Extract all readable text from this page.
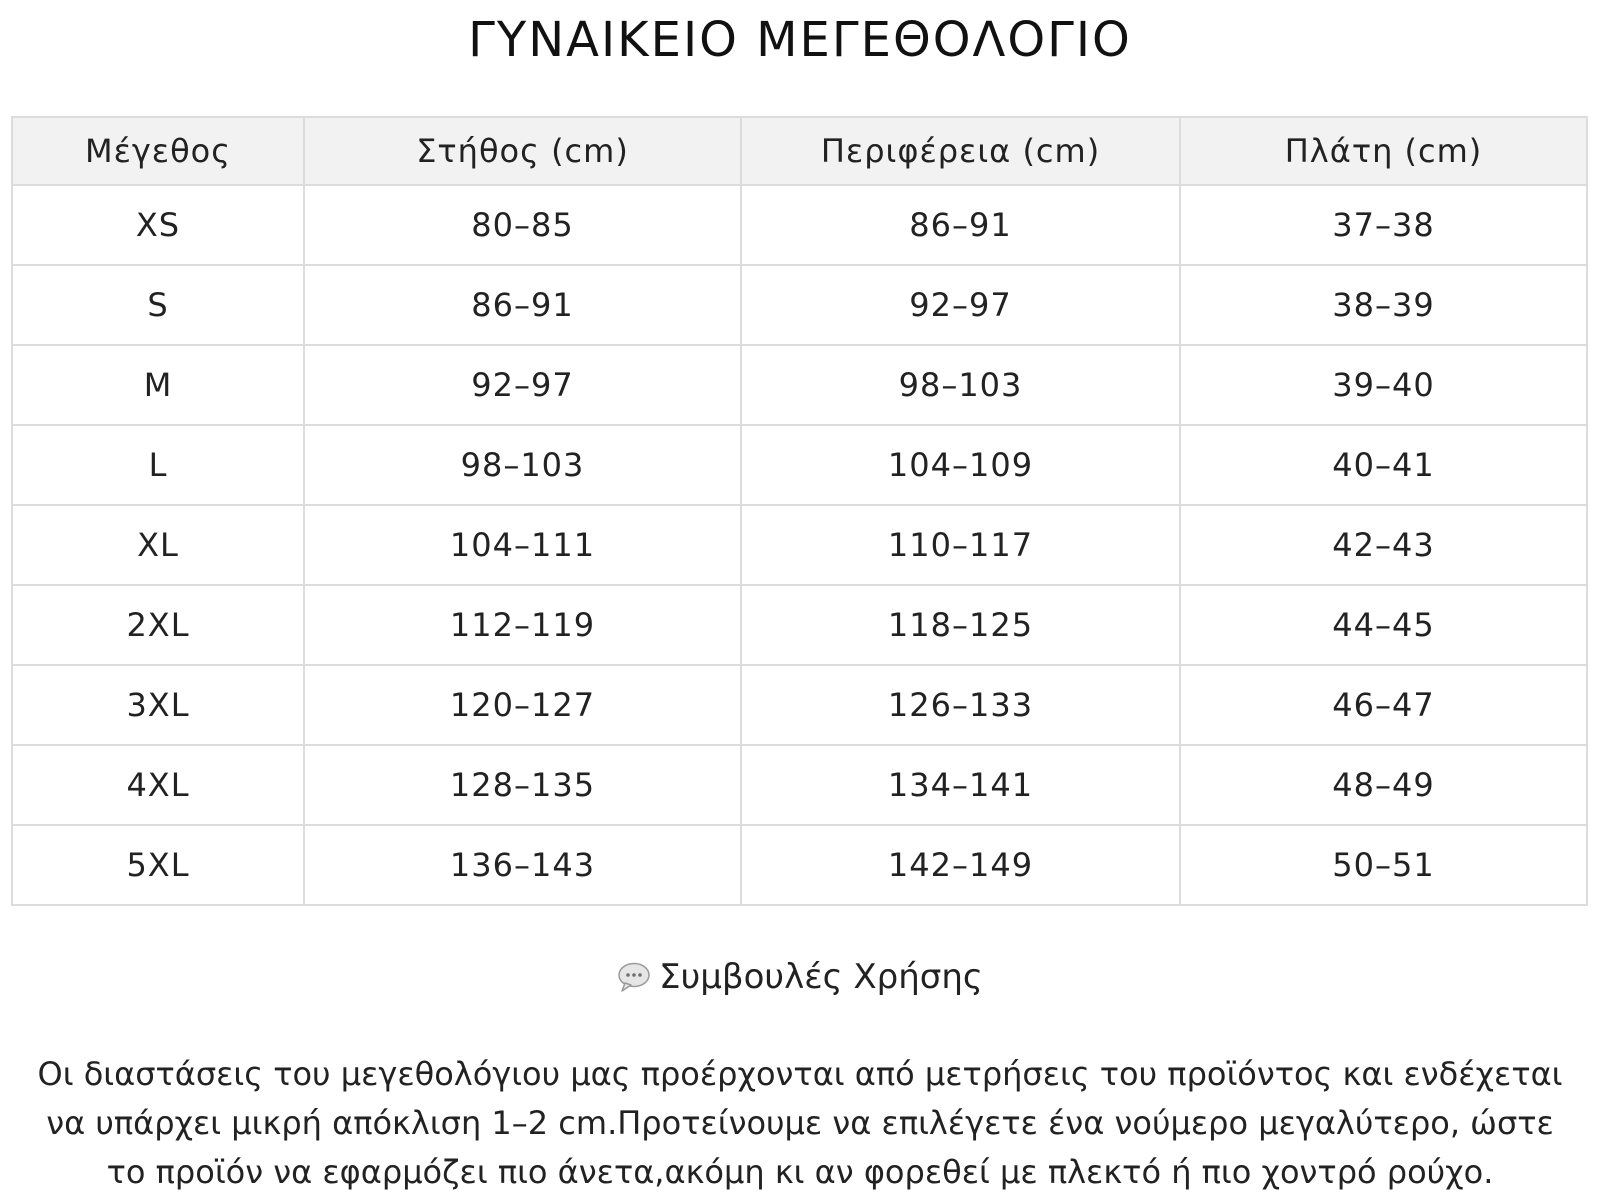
ΓΥΝΑΙΚΕΙΟ ΜΕΓΕΘΟΛΟΓΙΟ
Μέγεθος	Στήθος (cm)	Περιφέρεια (cm)	Πλάτη (cm)
XS	80–85	86–91	37–38
S	86–91	92–97	38–39
M	92–97	98–103	39–40
L	98–103	104–109	40–41
XL	104–111	110–117	42–43
2XL	112–119	118–125	44–45
3XL	120–127	126–133	46–47
4XL	128–135	134–141	48–49
5XL	136–143	142–149	50–51
Συμβουλές Χρήσης
Οι διαστάσεις του μεγεθολόγιου μας προέρχονται από μετρήσεις του προϊόντος και ενδέχεται
να υπάρχει μικρή απόκλιση 1–2 cm.Προτείνουμε να επιλέγετε ένα νούμερο μεγαλύτερο, ώστε
το προϊόν να εφαρμόζει πιο άνετα,ακόμη κι αν φορεθεί με πλεκτό ή πιο χοντρό ρούχο.
